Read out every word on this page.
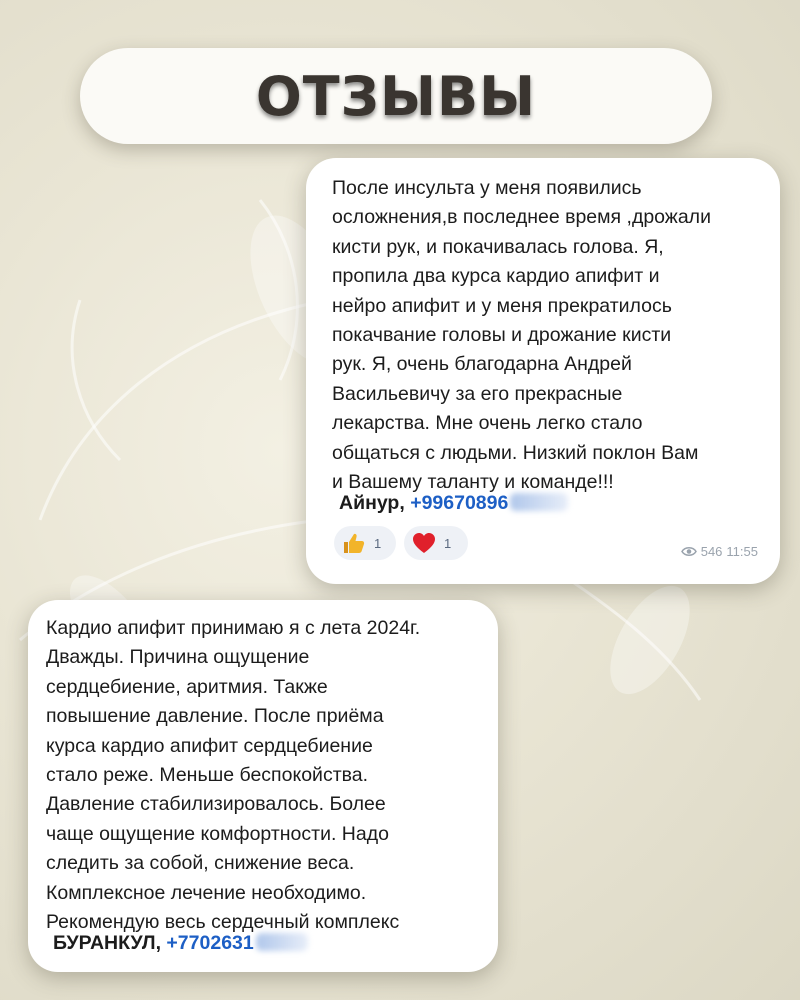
ОТЗЫВЫ
После инсульта у меня появились
осложнения,в последнее время ,дрожали
кисти рук, и покачивалась голова. Я,
пропила два курса кардио апифит и
нейро апифит и у меня прекратилось
покачвание головы и дрожание кисти
рук. Я, очень благодарна Андрей
Васильевичу за его прекрасные
лекарства. Мне очень легко стало
общаться с людьми. Низкий поклон Вам
и Вашему таланту и команде!!!
Айнур, +99670896
1	1
546 11:55
Кардио апифит принимаю я с лета 2024г.
Дважды. Причина ощущение
сердцебиение, аритмия. Также
повышение давление. После приёма
курса кардио апифит сердцебиение
стало реже. Меньше беспокойства.
Давление стабилизировалось. Более
чаще ощущение комфортности. Надо
следить за собой, снижение веса.
Комплексное лечение необходимо.
Рекомендую весь сердечный комплекс
БУРАНКУЛ, +7702631
